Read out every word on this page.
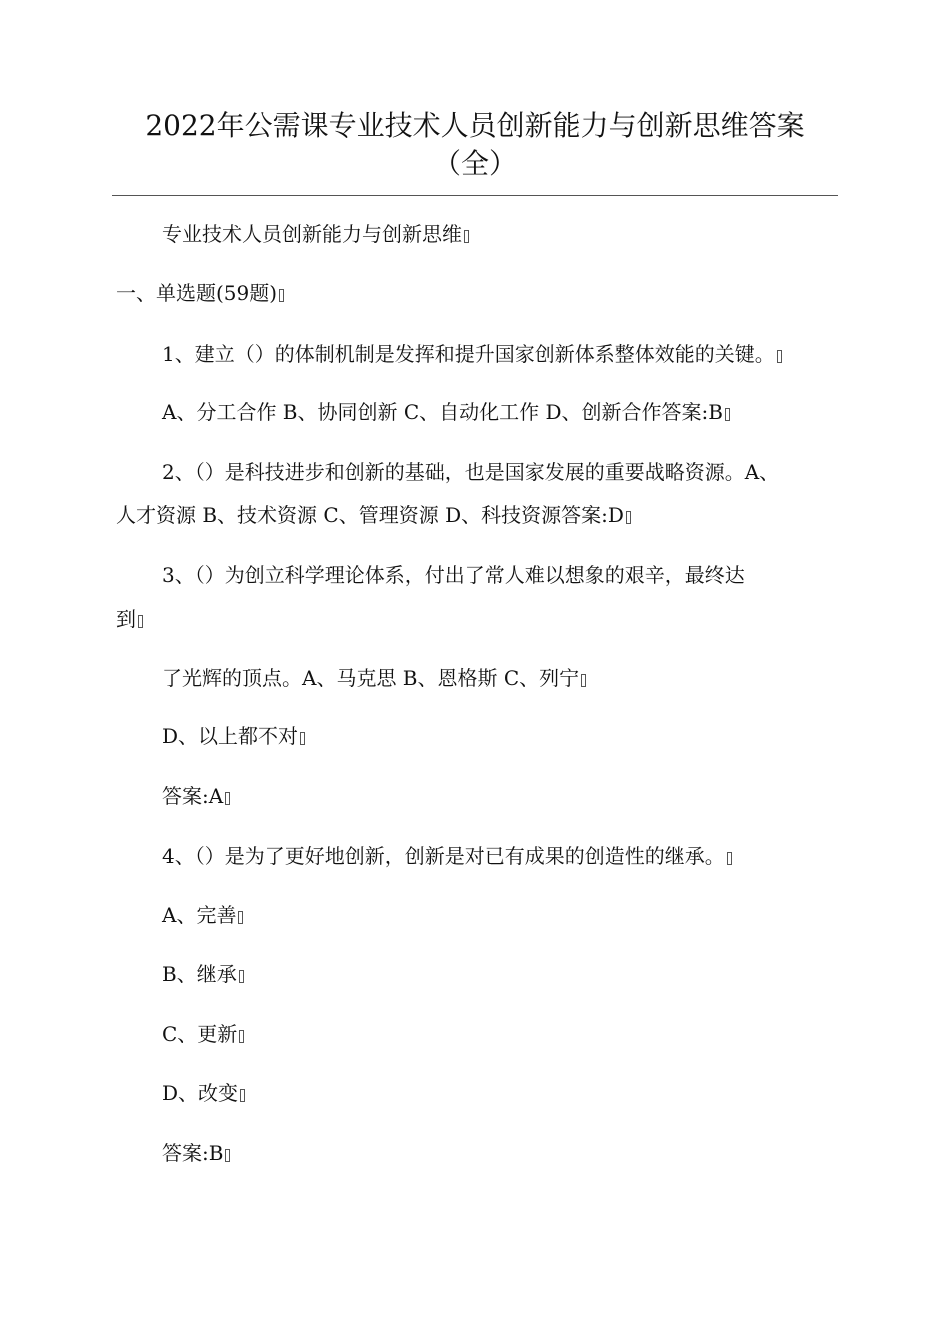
2022年公需课专业技术人员创新能力与创新思维答案
（全）
专业技术人员创新能力与创新思维
一、单选题(59题)
1、建立（）的体制机制是发挥和提升国家创新体系整体效能的关键。
A、分工合作 B、协同创新 C、自动化工作 D、创新合作答案:B
2、（）是科技进步和创新的基础，也是国家发展的重要战略资源。A、
人才资源 B、技术资源 C、管理资源 D、科技资源答案:D
3、（）为创立科学理论体系，付出了常人难以想象的艰辛，最终达
到
了光辉的顶点。A、马克思 B、恩格斯 C、列宁
D、以上都不对
答案:A
4、（）是为了更好地创新，创新是对已有成果的创造性的继承。
A、完善
B、继承
C、更新
D、改变
答案:B
